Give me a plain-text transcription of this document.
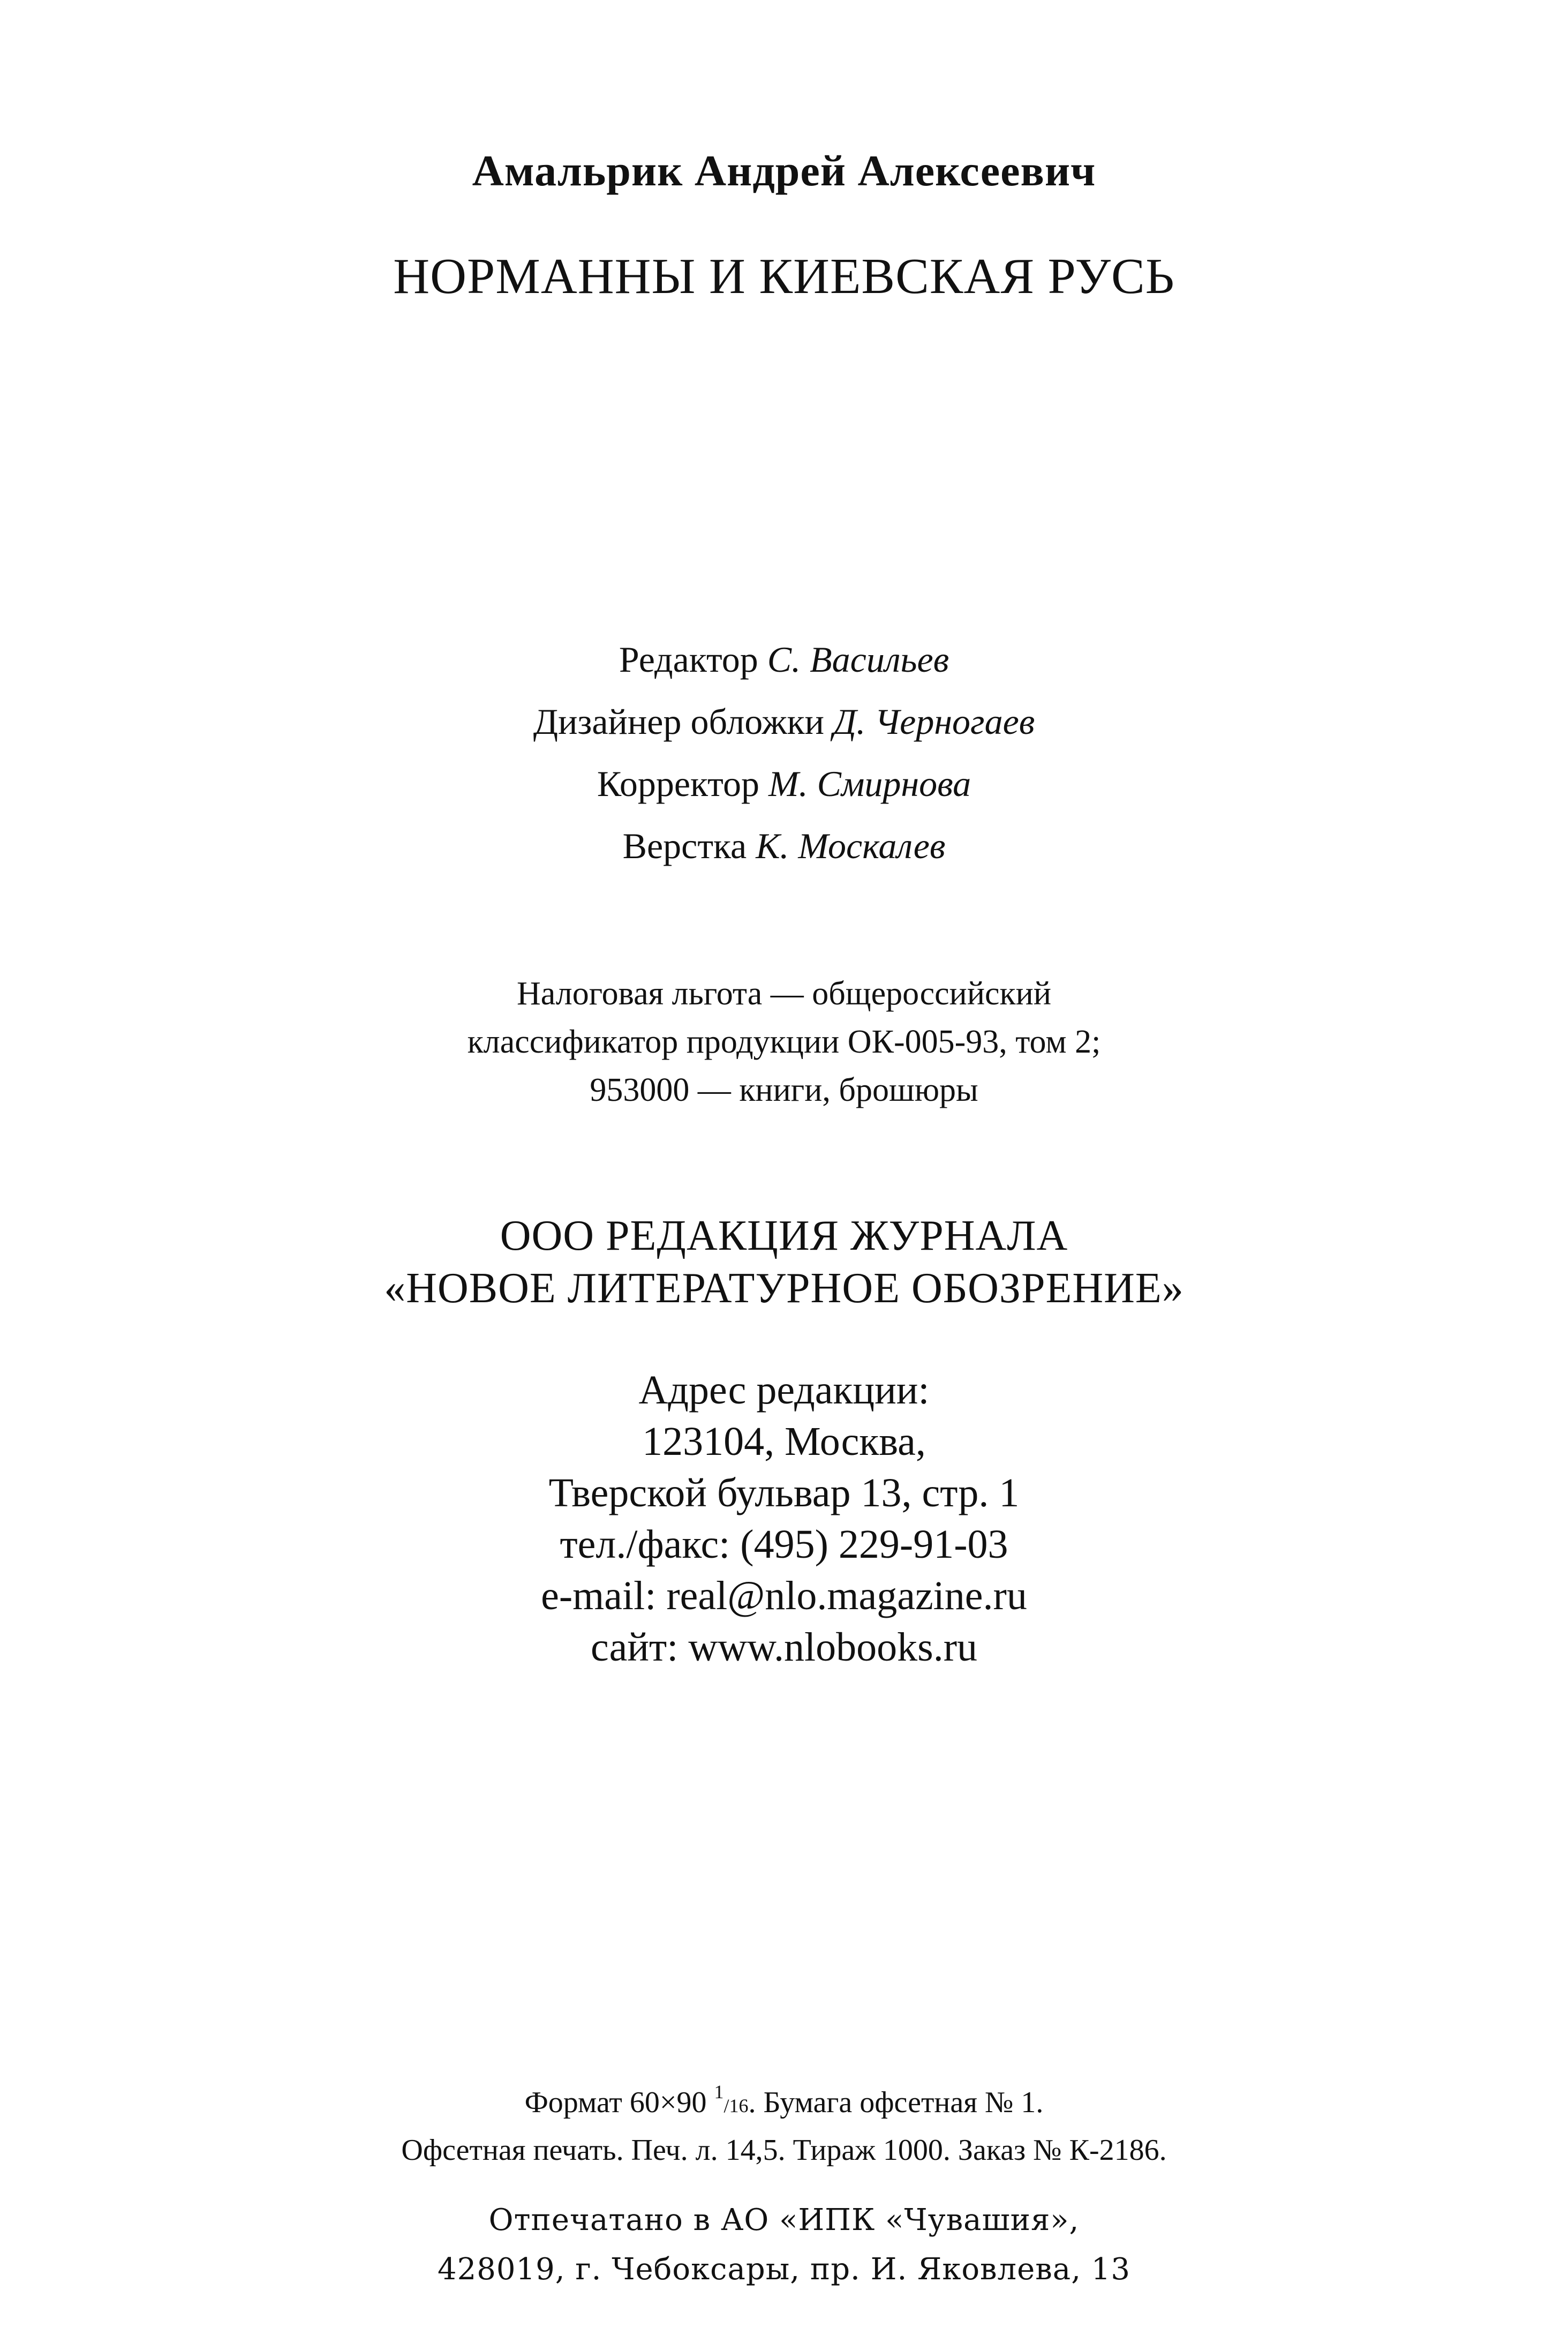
Амальрик Андрей Алексеевич

НОРМАННЫ И КИЕВСКАЯ РУСЬ

Редактор С. Васильев

Дизайнер обложки Д. Черногаев

Корректор М. Смирнова

Верстка К. Москалев

Налоговая льгота — общероссийский

классификатор продукции ОК-005-93, том 2;

953000 — книги, брошюры

ООО РЕДАКЦИЯ ЖУРНАЛА

«НОВОЕ ЛИТЕРАТУРНОЕ ОБОЗРЕНИЕ»

Адрес редакции:

123104, Москва,

Тверской бульвар 13, стр. 1

тел./факс: (495) 229-91-03

e-mail: real@nlo.magazine.ru

сайт: www.nlobooks.ru

Формат 60×90 $^1$/16. Бумага офсетная № 1.

Офсетная печать. Печ. л. 14,5. Тираж 1000. Заказ № К-2186.

Отпечатано в АО «ИПК «Чувашия»,

428019, г. Чебоксары, пр. И. Яковлева, 13
